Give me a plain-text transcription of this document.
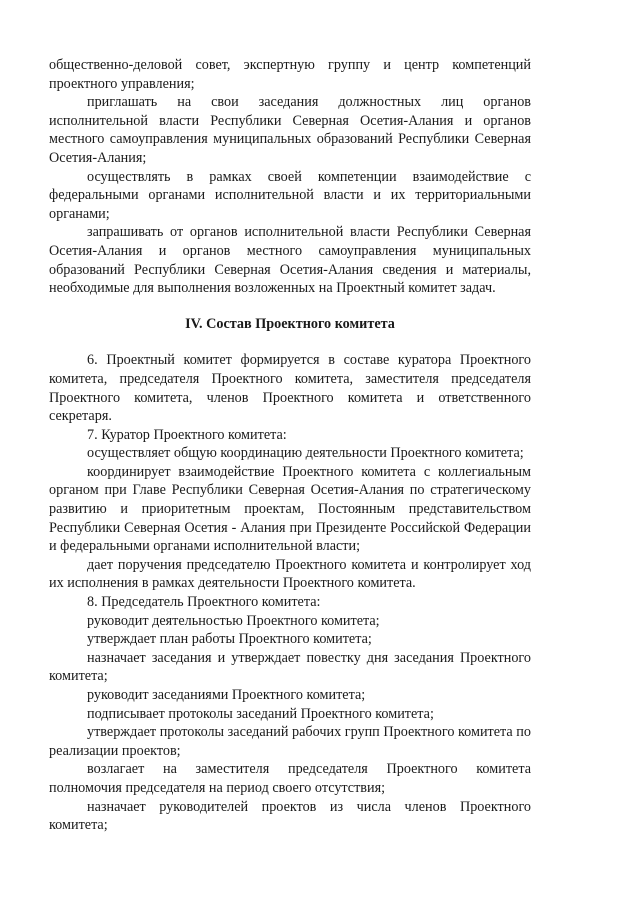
общественно-деловой совет, экспертную группу и центр компетенций проектного управления;

приглашать на свои заседания должностных лиц органов исполнительной власти Республики Северная Осетия-Алания и органов местного самоуправления муниципальных образований Республики Северная Осетия-Алания;

осуществлять в рамках своей компетенции взаимодействие с федеральными органами исполнительной власти и их территориальными органами;

запрашивать от органов исполнительной власти Республики Северная Осетия-Алания и органов местного самоуправления муниципальных образований Республики Северная Осетия-Алания сведения и материалы, необходимые для выполнения возложенных на Проектный комитет задач.

IV. Состав Проектного комитета

6. Проектный комитет формируется в составе куратора Проектного комитета, председателя Проектного комитета, заместителя председателя Проектного комитета, членов Проектного комитета и ответственного секретаря.

7. Куратор Проектного комитета:

осуществляет общую координацию деятельности Проектного комитета;

координирует взаимодействие Проектного комитета с коллегиальным органом при Главе Республики Северная Осетия-Алания по стратегическому развитию и приоритетным проектам, Постоянным представительством Республики Северная Осетия - Алания при Президенте Российской Федерации и федеральными органами исполнительной власти;

дает поручения председателю Проектного комитета и контролирует ход их исполнения в рамках деятельности Проектного комитета.

8. Председатель Проектного комитета:

руководит деятельностью Проектного комитета;

утверждает план работы Проектного комитета;

назначает заседания и утверждает повестку дня заседания Проектного комитета;

руководит заседаниями Проектного комитета;

подписывает протоколы заседаний Проектного комитета;

утверждает протоколы заседаний рабочих групп Проектного комитета по реализации проектов;

возлагает на заместителя председателя Проектного комитета полномочия председателя на период своего отсутствия;

назначает руководителей проектов из числа членов Проектного комитета;
